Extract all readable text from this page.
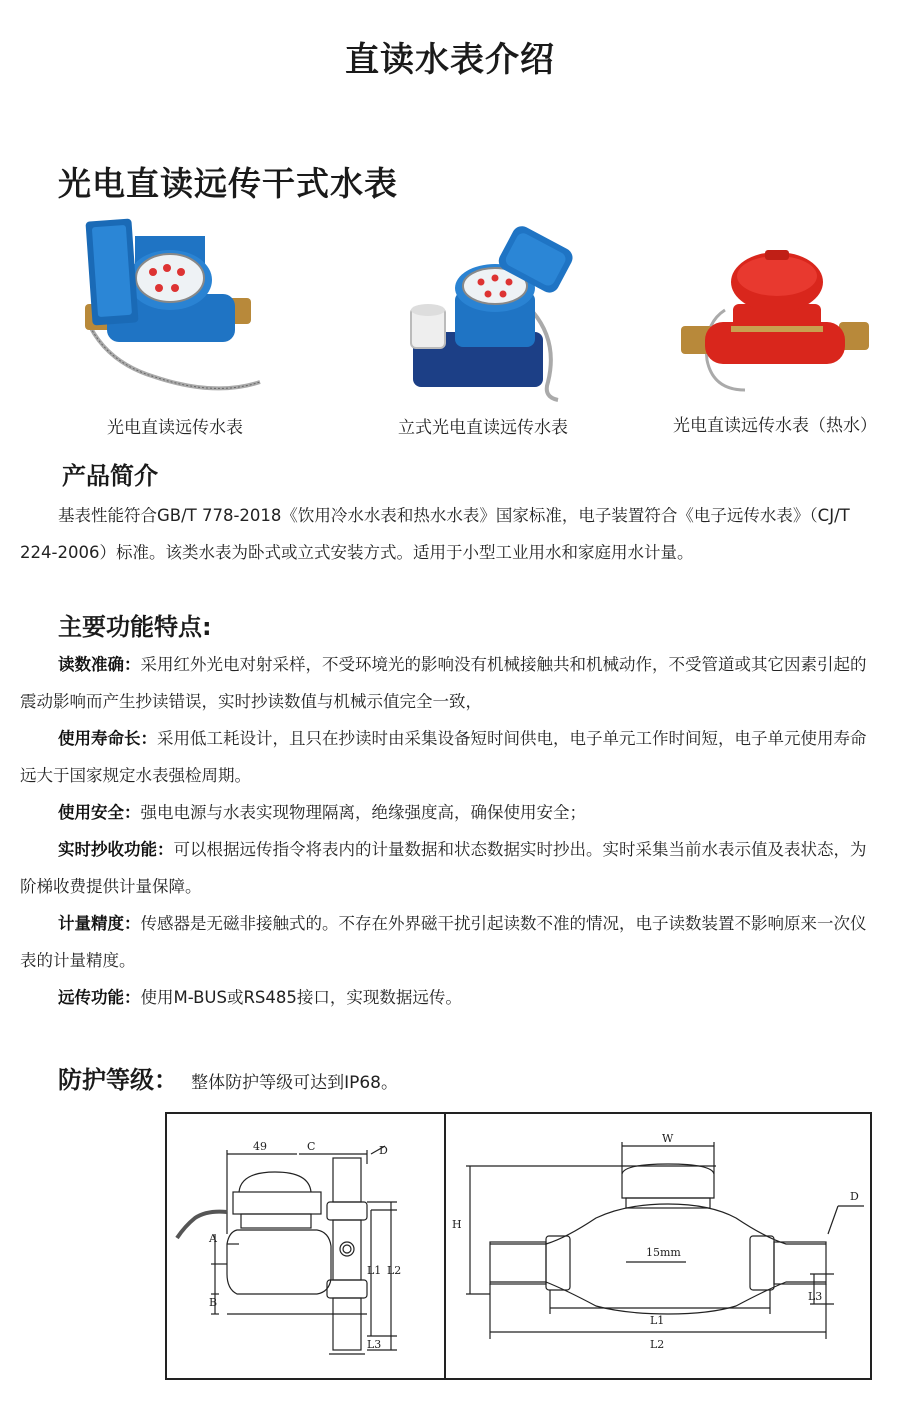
直读水表介绍
光电直读远传干式水表
光电直读远传水表	立式光电直读远传水表	光电直读远传水表（热水）
产品简介
基表性能符合GB/T 778-2018《饮用冷水水表和热水水表》国家标准，电子装置符合《电子远传水表》（CJ/T 224-2006）标准。该类水表为卧式或立式安装方式。适用于小型工业用水和家庭用水计量。
主要功能特点:

读数准确：采用红外光电对射采样，不受环境光的影响没有机械接触共和机械动作，不受管道或其它因素引起的震动影响而产生抄读错误，实时抄读数值与机械示值完全一致，

使用寿命长：采用低工耗设计，且只在抄读时由采集设备短时间供电，电子单元工作时间短，电子单元使用寿命远大于国家规定水表强检周期。

使用安全：强电电源与水表实现物理隔离，绝缘强度高，确保使用安全；

实时抄收功能：可以根据远传指令将表内的计量数据和状态数据实时抄出。实时采集当前水表示值及表状态，为阶梯收费提供计量保障。

计量精度：传感器是无磁非接触式的。不存在外界磁干扰引起读数不准的情况，电子读数装置不影响原来一次仪表的计量精度。

远传功能：使用M-BUS或RS485接口，实现数据远传。

防护等级： 整体防护等级可达到IP68。
49	C	D
A
B
L1 L2
L3
W
H
D
15mm
L1
L2
L3
